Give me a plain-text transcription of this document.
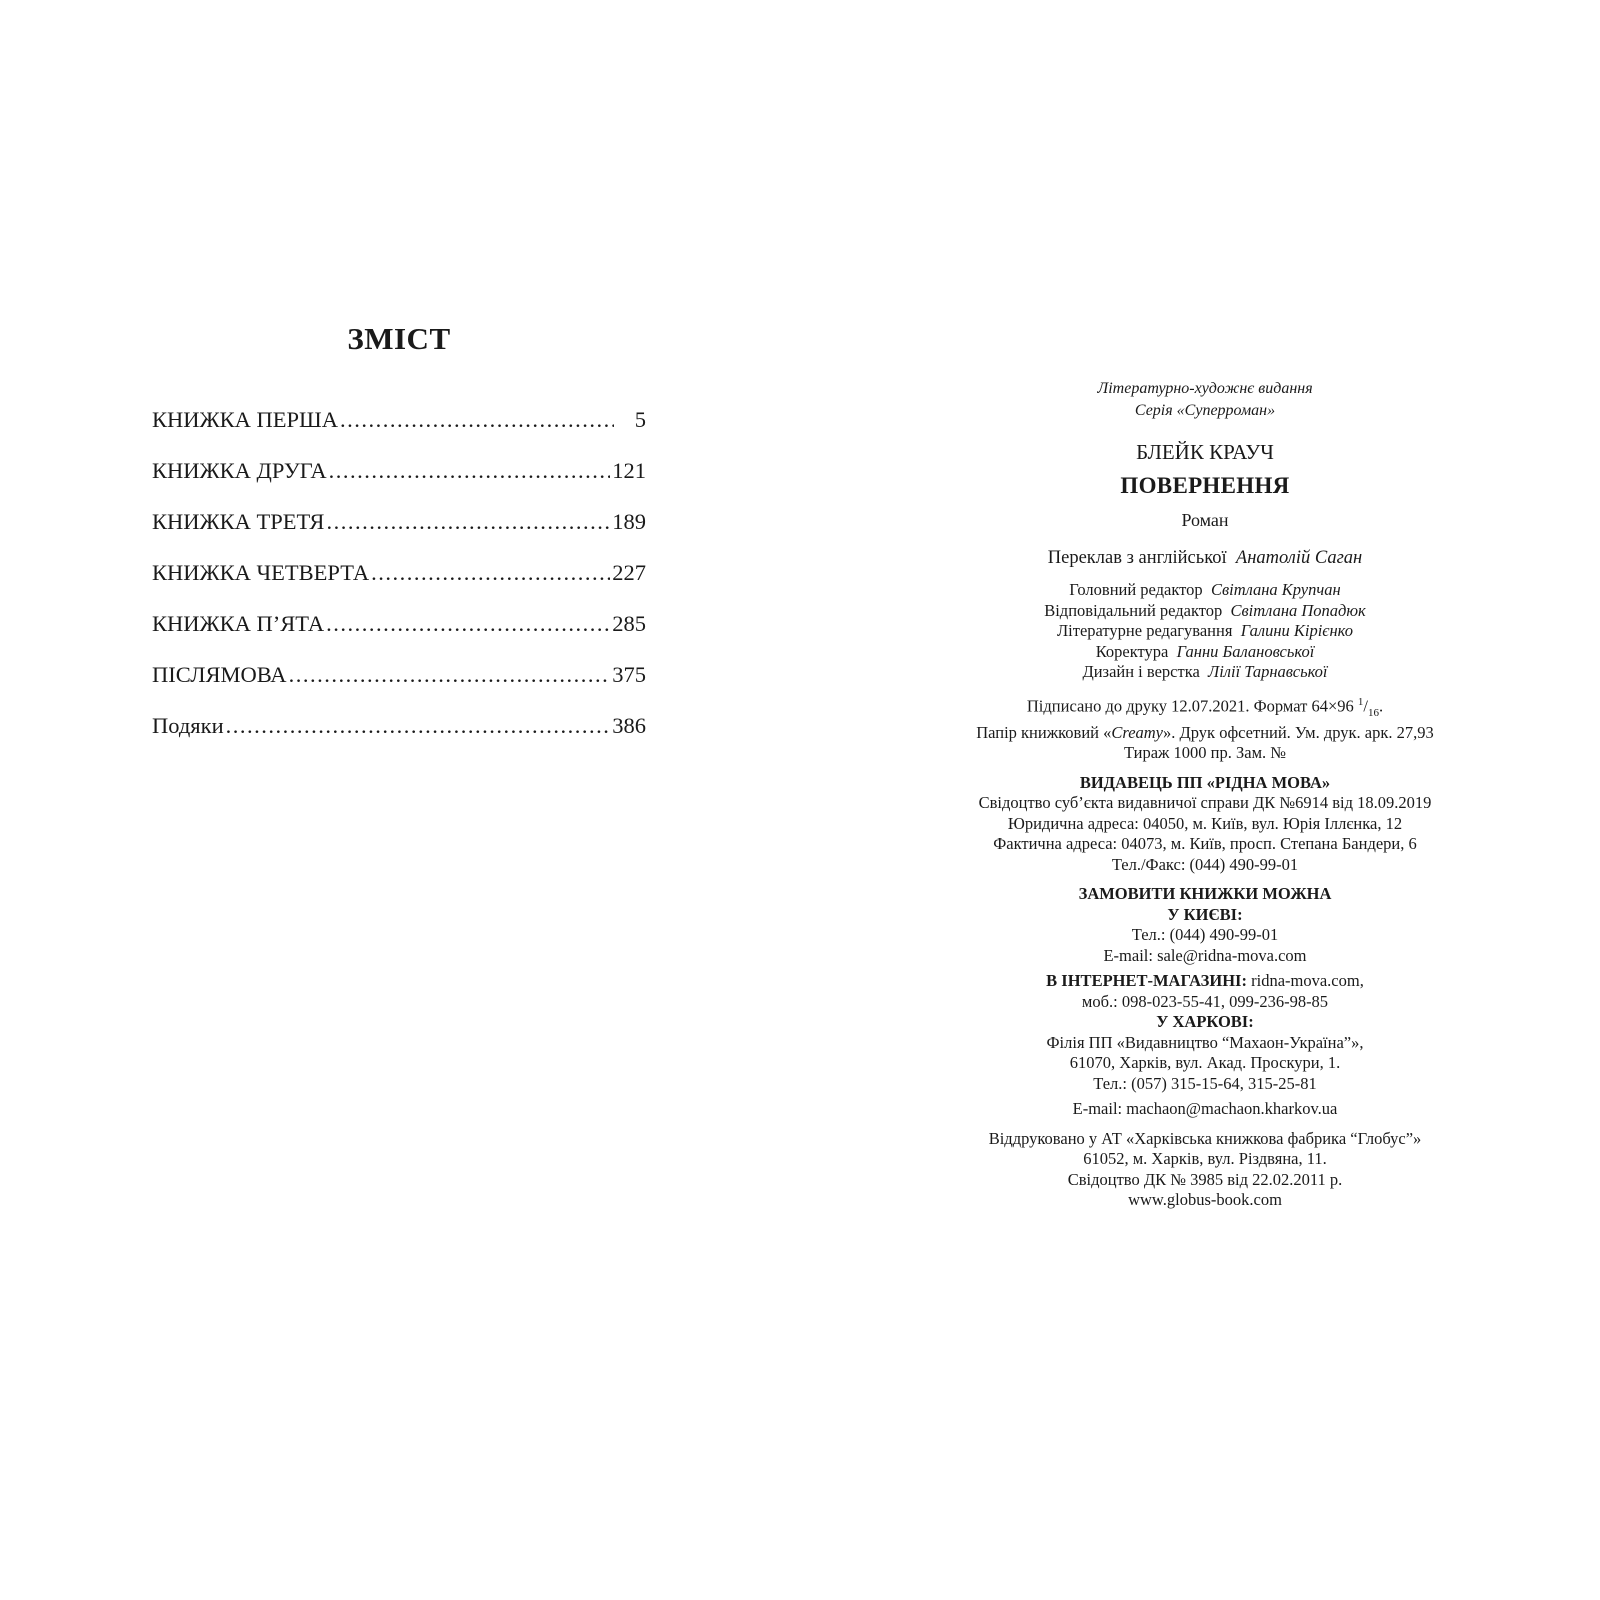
ЗМІСТ
КНИЖКА ПЕРША .....	5
КНИЖКА ДРУГА .....	121
КНИЖКА ТРЕТЯ .....	189
КНИЖКА ЧЕТВЕРТА .....	227
КНИЖКА П’ЯТА .....	285
ПІСЛЯМОВА .....	375
Подяки .....	386

Літературно-художнє видання

Серія «Суперроман»

БЛЕЙК КРАУЧ

ПОВЕРНЕННЯ

Роман

Переклав з англійської Анатолій Саган

Головний редактор Світлана Крупчан

Відповідальний редактор Світлана Попадюк

Літературне редагування Галини Кірієнко

Коректура Ганни Балановської

Дизайн і верстка Лілії Тарнавської

Підписано до друку 12.07.2021. Формат 64×96 $^1/_{16}$.

Папір книжковий «Creamy». Друк офсетний. Ум. друк. арк. 27,93

Тираж 1000 пр. Зам. №

ВИДАВЕЦЬ ПП «РІДНА МОВА»

Свідоцтво суб’єкта видавничої справи ДК №6914 від 18.09.2019

Юридична адреса: 04050, м. Київ, вул. Юрія Іллєнка, 12

Фактична адреса: 04073, м. Київ, просп. Степана Бандери, 6

Тел./Факс: (044) 490-99-01

ЗАМОВИТИ КНИЖКИ МОЖНА

У КИЄВІ:

Тел.: (044) 490-99-01

E-mail: sale@ridna-mova.com

В ІНТЕРНЕТ-МАГАЗИНІ: ridna-mova.com,

моб.: 098-023-55-41, 099-236-98-85

У ХАРКОВІ:

Філія ПП «Видавництво “Махаон-Україна”»,

61070, Харків, вул. Акад. Проскури, 1.

Тел.: (057) 315-15-64, 315-25-81

E-mail: machaon@machaon.kharkov.ua

Віддруковано у АТ «Харківська книжкова фабрика “Глобус”»

61052, м. Харків, вул. Різдвяна, 11.

Свідоцтво ДК № 3985 від 22.02.2011 р.

www.globus-book.com
